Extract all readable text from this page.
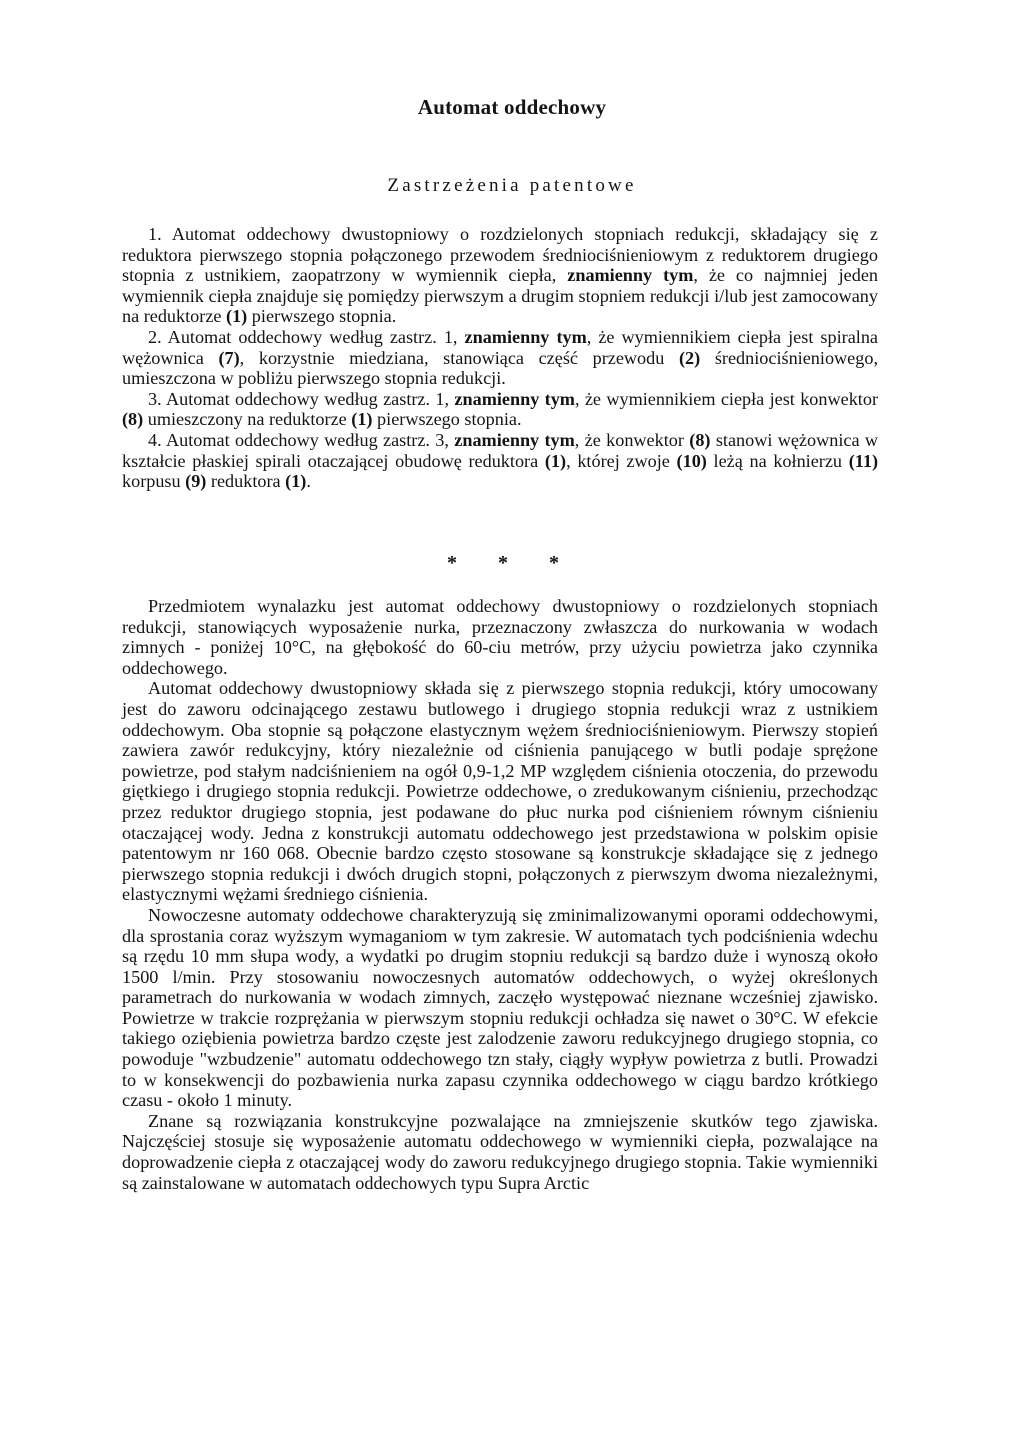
Automat oddechowy
Zastrzeżenia patentowe

1. Automat oddechowy dwustopniowy o rozdzielonych stopniach redukcji, składający się z reduktora pierwszego stopnia połączonego przewodem średniociśnieniowym z reduktorem drugiego stopnia z ustnikiem, zaopatrzony w wymiennik ciepła, znamienny tym, że co najmniej jeden wymiennik ciepła znajduje się pomiędzy pierwszym a drugim stopniem redukcji i/lub jest zamocowany na reduktorze (1) pierwszego stopnia.

2. Automat oddechowy według zastrz. 1, znamienny tym, że wymiennikiem ciepła jest spiralna wężownica (7), korzystnie miedziana, stanowiąca część przewodu (2) średniociśnieniowego, umieszczona w pobliżu pierwszego stopnia redukcji.

3. Automat oddechowy według zastrz. 1, znamienny tym, że wymiennikiem ciepła jest konwektor (8) umieszczony na reduktorze (1) pierwszego stopnia.

4. Automat oddechowy według zastrz. 3, znamienny tym, że konwektor (8) stanowi wężownica w kształcie płaskiej spirali otaczającej obudowę reduktora (1), której zwoje (10) leżą na kołnierzu (11) korpusu (9) reduktora (1).

* * *

Przedmiotem wynalazku jest automat oddechowy dwustopniowy o rozdzielonych stopniach redukcji, stanowiących wyposażenie nurka, przeznaczony zwłaszcza do nurkowania w wodach zimnych - poniżej 10°C, na głębokość do 60-ciu metrów, przy użyciu powietrza jako czynnika oddechowego.

Automat oddechowy dwustopniowy składa się z pierwszego stopnia redukcji, który umocowany jest do zaworu odcinającego zestawu butlowego i drugiego stopnia redukcji wraz z ustnikiem oddechowym. Oba stopnie są połączone elastycznym wężem średniociśnieniowym. Pierwszy stopień zawiera zawór redukcyjny, który niezależnie od ciśnienia panującego w butli podaje sprężone powietrze, pod stałym nadciśnieniem na ogół 0,9-1,2 MP względem ciśnienia otoczenia, do przewodu giętkiego i drugiego stopnia redukcji. Powietrze oddechowe, o zredukowanym ciśnieniu, przechodząc przez reduktor drugiego stopnia, jest podawane do płuc nurka pod ciśnieniem równym ciśnieniu otaczającej wody. Jedna z konstrukcji automatu oddechowego jest przedstawiona w polskim opisie patentowym nr 160 068. Obecnie bardzo często stosowane są konstrukcje składające się z jednego pierwszego stopnia redukcji i dwóch drugich stopni, połączonych z pierwszym dwoma niezależnymi, elastycznymi wężami średniego ciśnienia.

Nowoczesne automaty oddechowe charakteryzują się zminimalizowanymi oporami oddechowymi, dla sprostania coraz wyższym wymaganiom w tym zakresie. W automatach tych podciśnienia wdechu są rzędu 10 mm słupa wody, a wydatki po drugim stopniu redukcji są bardzo duże i wynoszą około 1500 l/min. Przy stosowaniu nowoczesnych automatów oddechowych, o wyżej określonych parametrach do nurkowania w wodach zimnych, zaczęło występować nieznane wcześniej zjawisko. Powietrze w trakcie rozprężania w pierwszym stopniu redukcji ochładza się nawet o 30°C. W efekcie takiego oziębienia powietrza bardzo częste jest zalodzenie zaworu redukcyjnego drugiego stopnia, co powoduje "wzbudzenie" automatu oddechowego tzn stały, ciągły wypływ powietrza z butli. Prowadzi to w konsekwencji do pozbawienia nurka zapasu czynnika oddechowego w ciągu bardzo krótkiego czasu - około 1 minuty.

Znane są rozwiązania konstrukcyjne pozwalające na zmniejszenie skutków tego zjawiska. Najczęściej stosuje się wyposażenie automatu oddechowego w wymienniki ciepła, pozwalające na doprowadzenie ciepła z otaczającej wody do zaworu redukcyjnego drugiego stopnia. Takie wymienniki są zainstalowane w automatach oddechowych typu Supra Arctic
